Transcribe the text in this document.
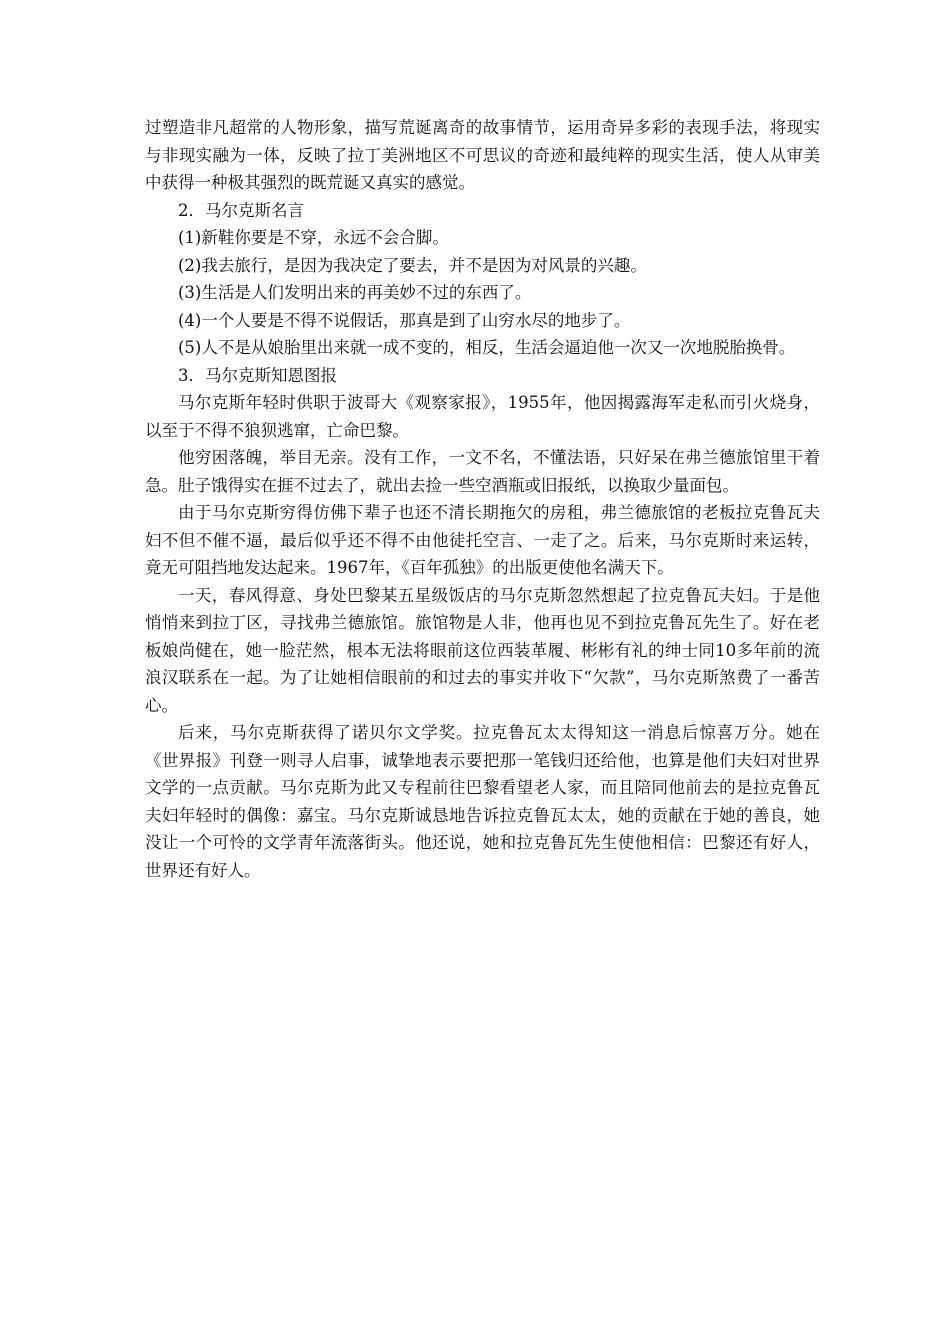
过塑造非凡超常的人物形象，描写荒诞离奇的故事情节，运用奇异多彩的表现手法，将现实与非现实融为一体，反映了拉丁美洲地区不可思议的奇迹和最纯粹的现实生活，使人从审美中获得一种极其强烈的既荒诞又真实的感觉。

2．马尔克斯名言

(1)新鞋你要是不穿，永远不会合脚。

(2)我去旅行，是因为我决定了要去，并不是因为对风景的兴趣。

(3)生活是人们发明出来的再美妙不过的东西了。

(4)一个人要是不得不说假话，那真是到了山穷水尽的地步了。

(5)人不是从娘胎里出来就一成不变的，相反，生活会逼迫他一次又一次地脱胎换骨。

3．马尔克斯知恩图报

马尔克斯年轻时供职于波哥大《观察家报》，1955年，他因揭露海军走私而引火烧身，以至于不得不狼狈逃窜，亡命巴黎。

他穷困落魄，举目无亲。没有工作，一文不名，不懂法语，只好呆在弗兰德旅馆里干着急。肚子饿得实在捱不过去了，就出去捡一些空酒瓶或旧报纸，以换取少量面包。

由于马尔克斯穷得仿佛下辈子也还不清长期拖欠的房租，弗兰德旅馆的老板拉克鲁瓦夫妇不但不催不逼，最后似乎还不得不由他徒托空言、一走了之。后来，马尔克斯时来运转，竟无可阻挡地发达起来。1967年，《百年孤独》的出版更使他名满天下。

一天，春风得意、身处巴黎某五星级饭店的马尔克斯忽然想起了拉克鲁瓦夫妇。于是他悄悄来到拉丁区，寻找弗兰德旅馆。旅馆物是人非，他再也见不到拉克鲁瓦先生了。好在老板娘尚健在，她一脸茫然，根本无法将眼前这位西装革履、彬彬有礼的绅士同10多年前的流浪汉联系在一起。为了让她相信眼前的和过去的事实并收下“欠款”，马尔克斯煞费了一番苦心。

后来，马尔克斯获得了诺贝尔文学奖。拉克鲁瓦太太得知这一消息后惊喜万分。她在《世界报》刊登一则寻人启事，诚挚地表示要把那一笔钱归还给他，也算是他们夫妇对世界文学的一点贡献。马尔克斯为此又专程前往巴黎看望老人家，而且陪同他前去的是拉克鲁瓦夫妇年轻时的偶像：嘉宝。马尔克斯诚恳地告诉拉克鲁瓦太太，她的贡献在于她的善良，她没让一个可怜的文学青年流落街头。他还说，她和拉克鲁瓦先生使他相信：巴黎还有好人，世界还有好人。
